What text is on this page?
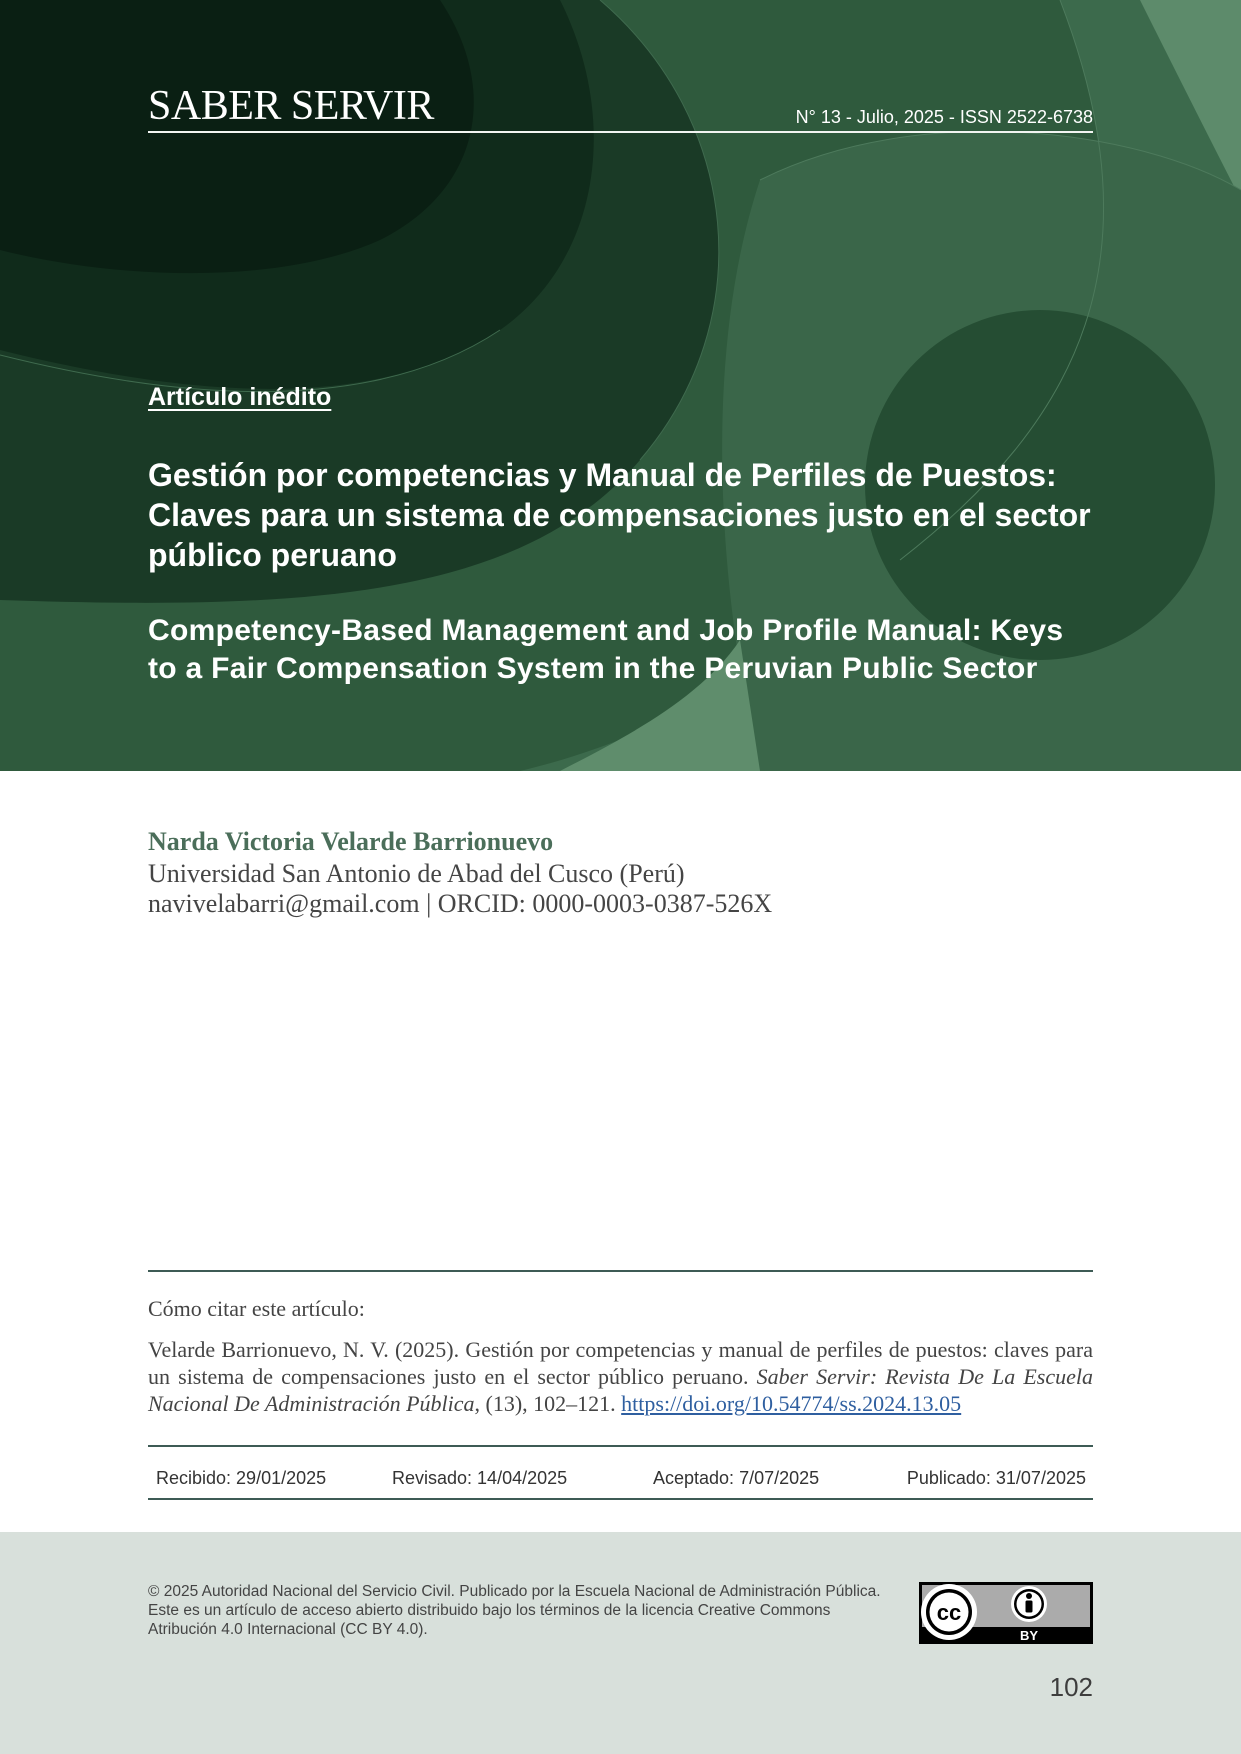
SABER SERVIR	N° 13 - Julio, 2025 - ISSN 2522-6738
Artículo inédito
Gestión por competencias y Manual de Perfiles de Puestos: Claves para un sistema de compensaciones justo en el sector público peruano
Competency-Based Management and Job Profile Manual: Keys to a Fair Compensation System in the Peruvian Public Sector
Narda Victoria Velarde Barrionuevo
Universidad San Antonio de Abad del Cusco (Perú)
navivelabarri@gmail.com | ORCID: 0000-0003-0387-526X
Cómo citar este artículo:

Velarde Barrionuevo, N. V. (2025). Gestión por competencias y manual de perfiles de puestos: claves para un sistema de compensaciones justo en el sector público peruano. Saber Servir: Revista De La Escuela Nacional De Administración Pública, (13), 102–121. https://doi.org/10.54774/ss.2024.13.05

Recibido: 29/01/2025	Revisado: 14/04/2025	Aceptado: 7/07/2025	Publicado: 31/07/2025

© 2025 Autoridad Nacional del Servicio Civil. Publicado por la Escuela Nacional de Administración Pública. Este es un artículo de acceso abierto distribuido bajo los términos de la licencia Creative Commons Atribución 4.0 Internacional (CC BY 4.0).

cc
BY
102
